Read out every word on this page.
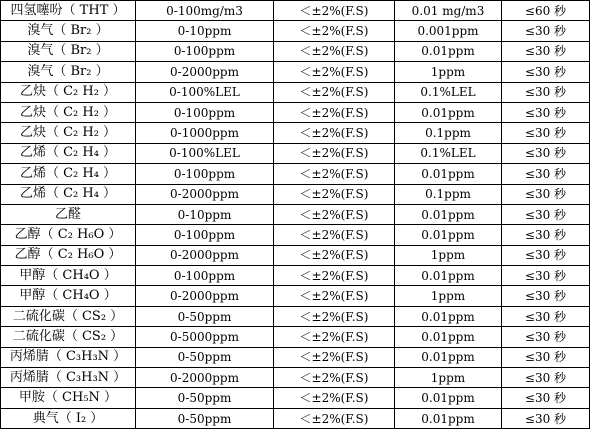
四氢噻吩（ THT ）	0-100mg/m3	＜±2%(F.S)	0.01 mg/m3	≤60 秒
溴气（ Br₂ ）	0-10ppm	＜±2%(F.S)	0.001ppm	≤30 秒
溴气（ Br₂ ）	0-100ppm	＜±2%(F.S)	0.01ppm	≤30 秒
溴气（ Br₂ ）	0-2000ppm	＜±2%(F.S)	1ppm	≤30 秒
乙炔（ C₂ H₂ ）	0-100%LEL	＜±2%(F.S)	0.1%LEL	≤30 秒
乙炔（ C₂ H₂ ）	0-100ppm	＜±2%(F.S)	0.01ppm	≤30 秒
乙炔（ C₂ H₂ ）	0-1000ppm	＜±2%(F.S)	0.1ppm	≤30 秒
乙烯（ C₂ H₄ ）	0-100%LEL	＜±2%(F.S)	0.1%LEL	≤30 秒
乙烯（ C₂ H₄ ）	0-100ppm	＜±2%(F.S)	0.01ppm	≤30 秒
乙烯（ C₂ H₄ ）	0-2000ppm	＜±2%(F.S)	0.1ppm	≤30 秒
乙醛	0-10ppm	＜±2%(F.S)	0.01ppm	≤30 秒
乙醇（ C₂ H₆O ）	0-100ppm	＜±2%(F.S)	0.01ppm	≤30 秒
乙醇（ C₂ H₆O ）	0-2000ppm	＜±2%(F.S)	1ppm	≤30 秒
甲醇（ CH₄O ）	0-100ppm	＜±2%(F.S)	0.01ppm	≤30 秒
甲醇（ CH₄O ）	0-2000ppm	＜±2%(F.S)	1ppm	≤30 秒
二硫化碳（ CS₂ ）	0-50ppm	＜±2%(F.S)	0.01ppm	≤30 秒
二硫化碳（ CS₂ ）	0-5000ppm	＜±2%(F.S)	0.01ppm	≤30 秒
丙烯腈（ C₃H₃N ）	0-50ppm	＜±2%(F.S)	0.01ppm	≤30 秒
丙烯腈（ C₃H₃N ）	0-2000ppm	＜±2%(F.S)	1ppm	≤30 秒
甲胺（ CH₅N ）	0-50ppm	＜±2%(F.S)	0.01ppm	≤30 秒
典气（ I₂ ）	0-50ppm	＜±2%(F.S)	0.01ppm	≤30 秒
